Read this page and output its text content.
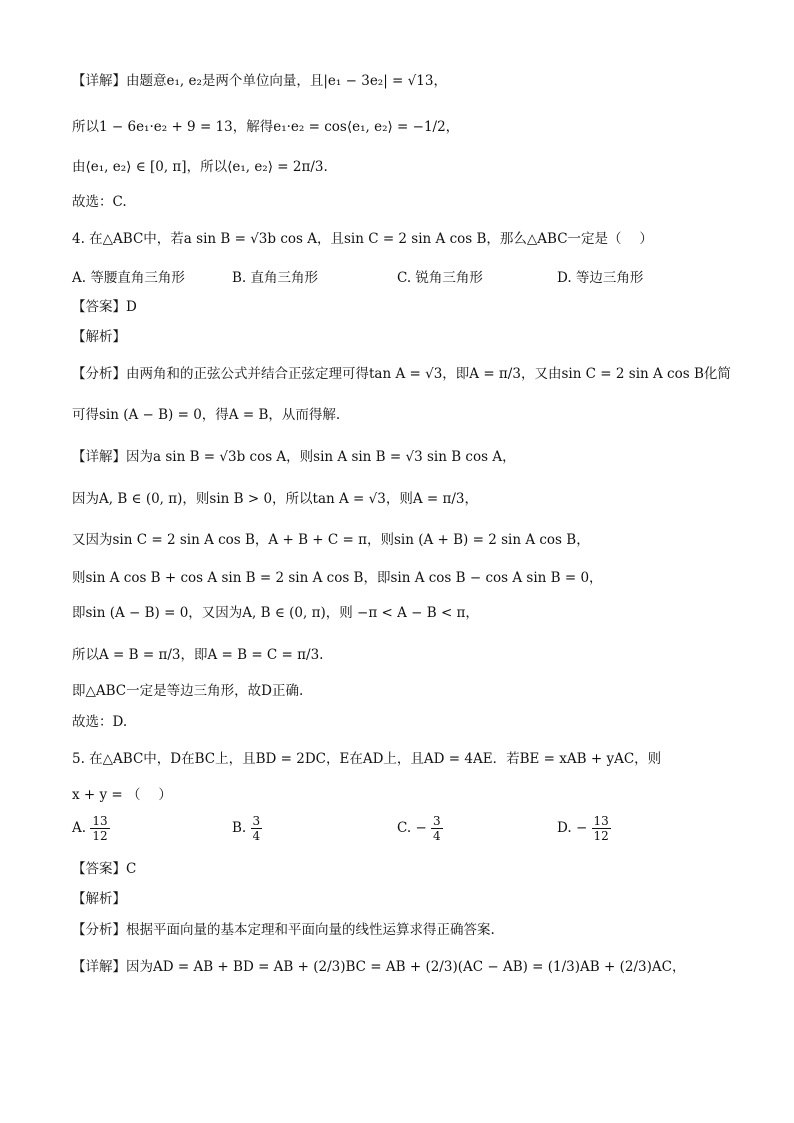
【详解】由题意e₁, e₂是两个单位向量，且|e₁ − 3e₂| = √13，
所以1 − 6e₁·e₂ + 9 = 13，解得e₁·e₂ = cos⟨e₁, e₂⟩ = −1/2，
由⟨e₁, e₂⟩ ∈ [0, π]，所以⟨e₁, e₂⟩ = 2π/3.
故选：C.
4. 在△ABC中，若a sin B = √3b cos A，且sin C = 2 sin A cos B，那么△ABC一定是（　 ）
A. 等腰直角三角形	B. 直角三角形	C. 锐角三角形	D. 等边三角形
【答案】D
【解析】
【分析】由两角和的正弦公式并结合正弦定理可得tan A = √3，即A = π/3，又由sin C = 2 sin A cos B化简
可得sin (A − B) = 0，得A = B，从而得解.
【详解】因为a sin B = √3b cos A，则sin A sin B = √3 sin B cos A，
因为A, B ∈ (0, π)，则sin B > 0，所以tan A = √3，则A = π/3，
又因为sin C = 2 sin A cos B，A + B + C = π，则sin (A + B) = 2 sin A cos B，
则sin A cos B + cos A sin B = 2 sin A cos B，即sin A cos B − cos A sin B = 0，
即sin (A − B) = 0，又因为A, B ∈ (0, π)，则 −π < A − B < π，
所以A = B = π/3，即A = B = C = π/3.
即△ABC一定是等边三角形，故D正确.
故选：D.
5. 在△ABC中，D在BC上，且BD = 2DC，E在AD上，且AD = 4AE．若BE = xAB + yAC，则
x + y = （　 ）
A. $\frac{13}{12}$	B. $\frac{3}{4}$	C. − $\frac{3}{4}$	D. − $\frac{13}{12}$
【答案】C
【解析】
【分析】根据平面向量的基本定理和平面向量的线性运算求得正确答案.
【详解】因为AD = AB + BD = AB + (2/3)BC = AB + (2/3)(AC − AB) = (1/3)AB + (2/3)AC，
